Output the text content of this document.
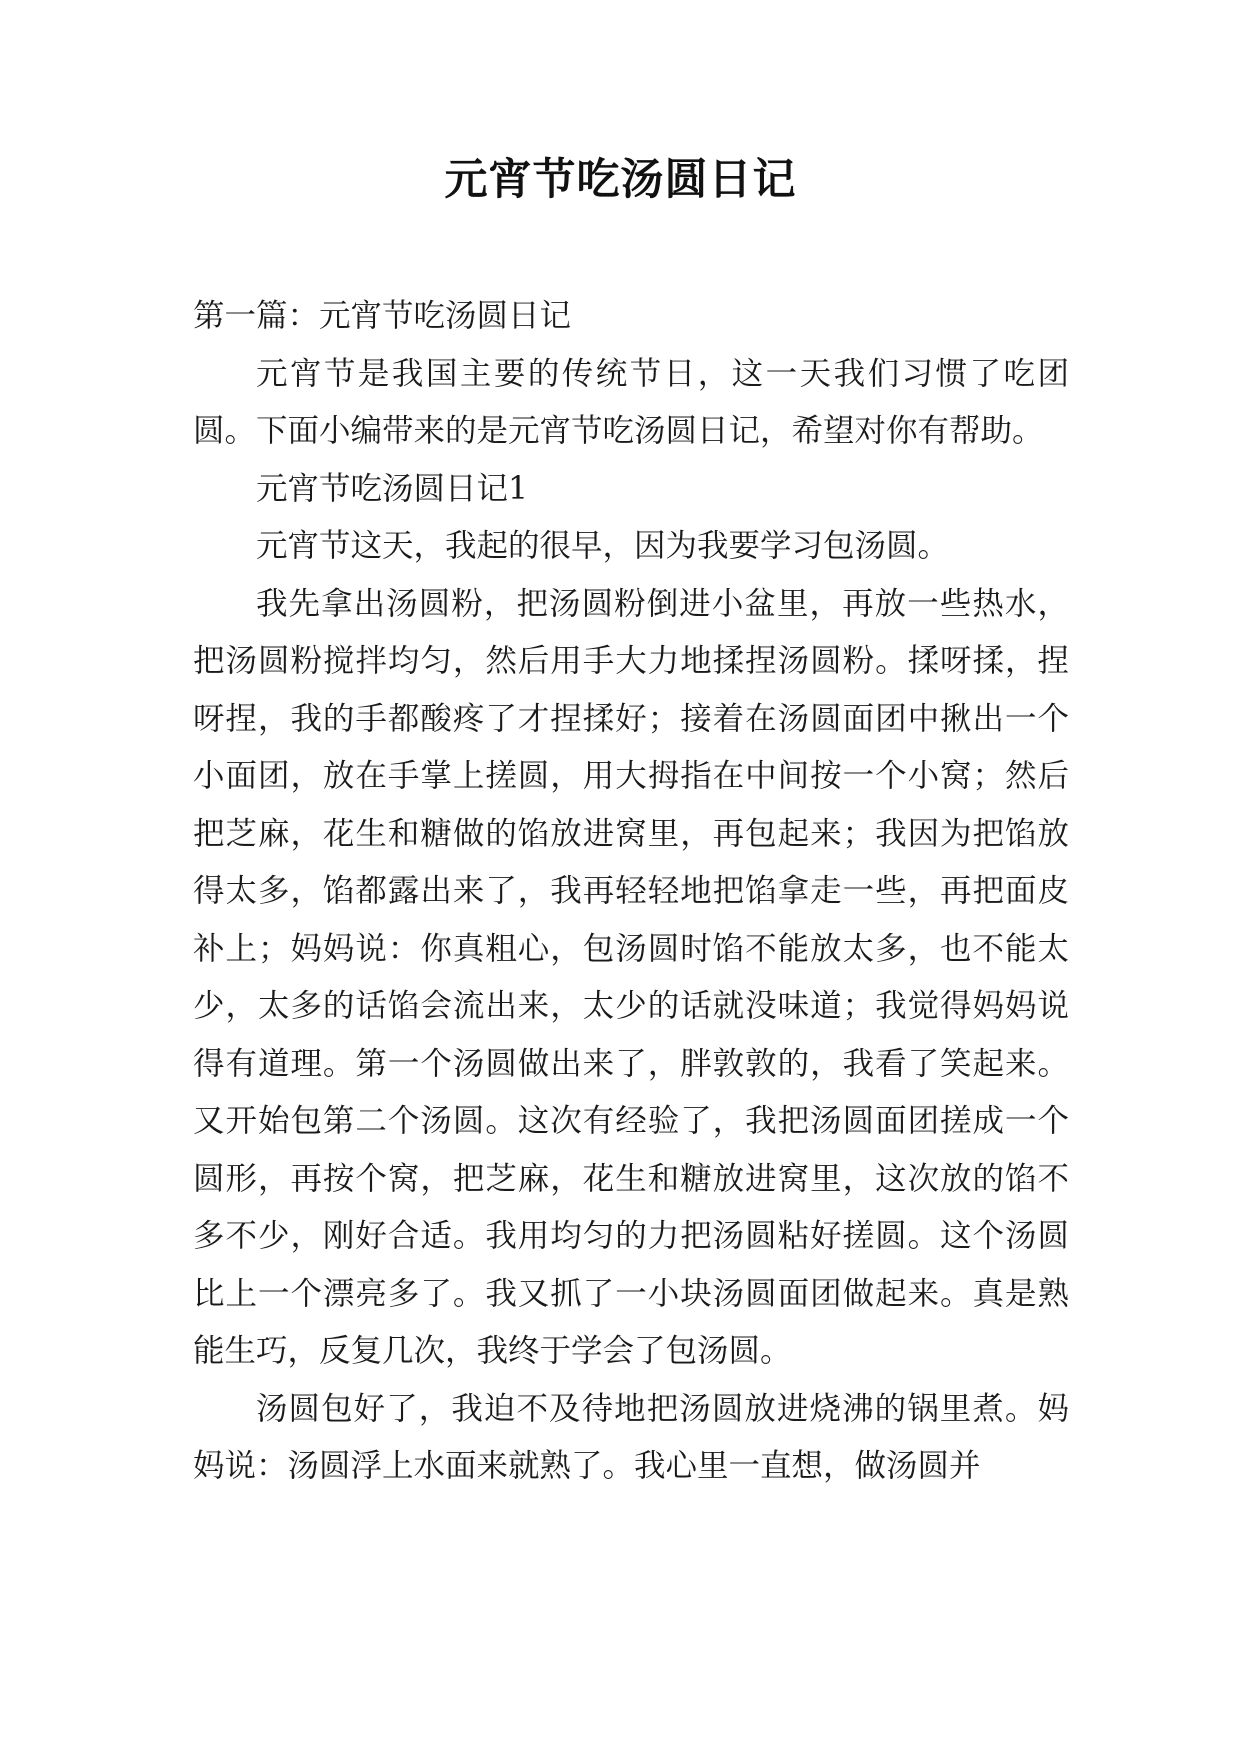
元宵节吃汤圆日记

第一篇：元宵节吃汤圆日记

元宵节是我国主要的传统节日，这一天我们习惯了吃团圆。下面小编带来的是元宵节吃汤圆日记，希望对你有帮助。

元宵节吃汤圆日记1

元宵节这天，我起的很早，因为我要学习包汤圆。

我先拿出汤圆粉，把汤圆粉倒进小盆里，再放一些热水，把汤圆粉搅拌均匀，然后用手大力地揉捏汤圆粉。揉呀揉，捏呀捏，我的手都酸疼了才捏揉好；接着在汤圆面团中揪出一个小面团，放在手掌上搓圆，用大拇指在中间按一个小窝；然后把芝麻，花生和糖做的馅放进窝里，再包起来；我因为把馅放得太多，馅都露出来了，我再轻轻地把馅拿走一些，再把面皮补上；妈妈说：你真粗心，包汤圆时馅不能放太多，也不能太少，太多的话馅会流出来，太少的话就没味道；我觉得妈妈说得有道理。第一个汤圆做出来了，胖敦敦的，我看了笑起来。又开始包第二个汤圆。这次有经验了，我把汤圆面团搓成一个圆形，再按个窝，把芝麻，花生和糖放进窝里，这次放的馅不多不少，刚好合适。我用均匀的力把汤圆粘好搓圆。这个汤圆比上一个漂亮多了。我又抓了一小块汤圆面团做起来。真是熟能生巧，反复几次，我终于学会了包汤圆。

汤圆包好了，我迫不及待地把汤圆放进烧沸的锅里煮。妈妈说：汤圆浮上水面来就熟了。我心里一直想，做汤圆并
